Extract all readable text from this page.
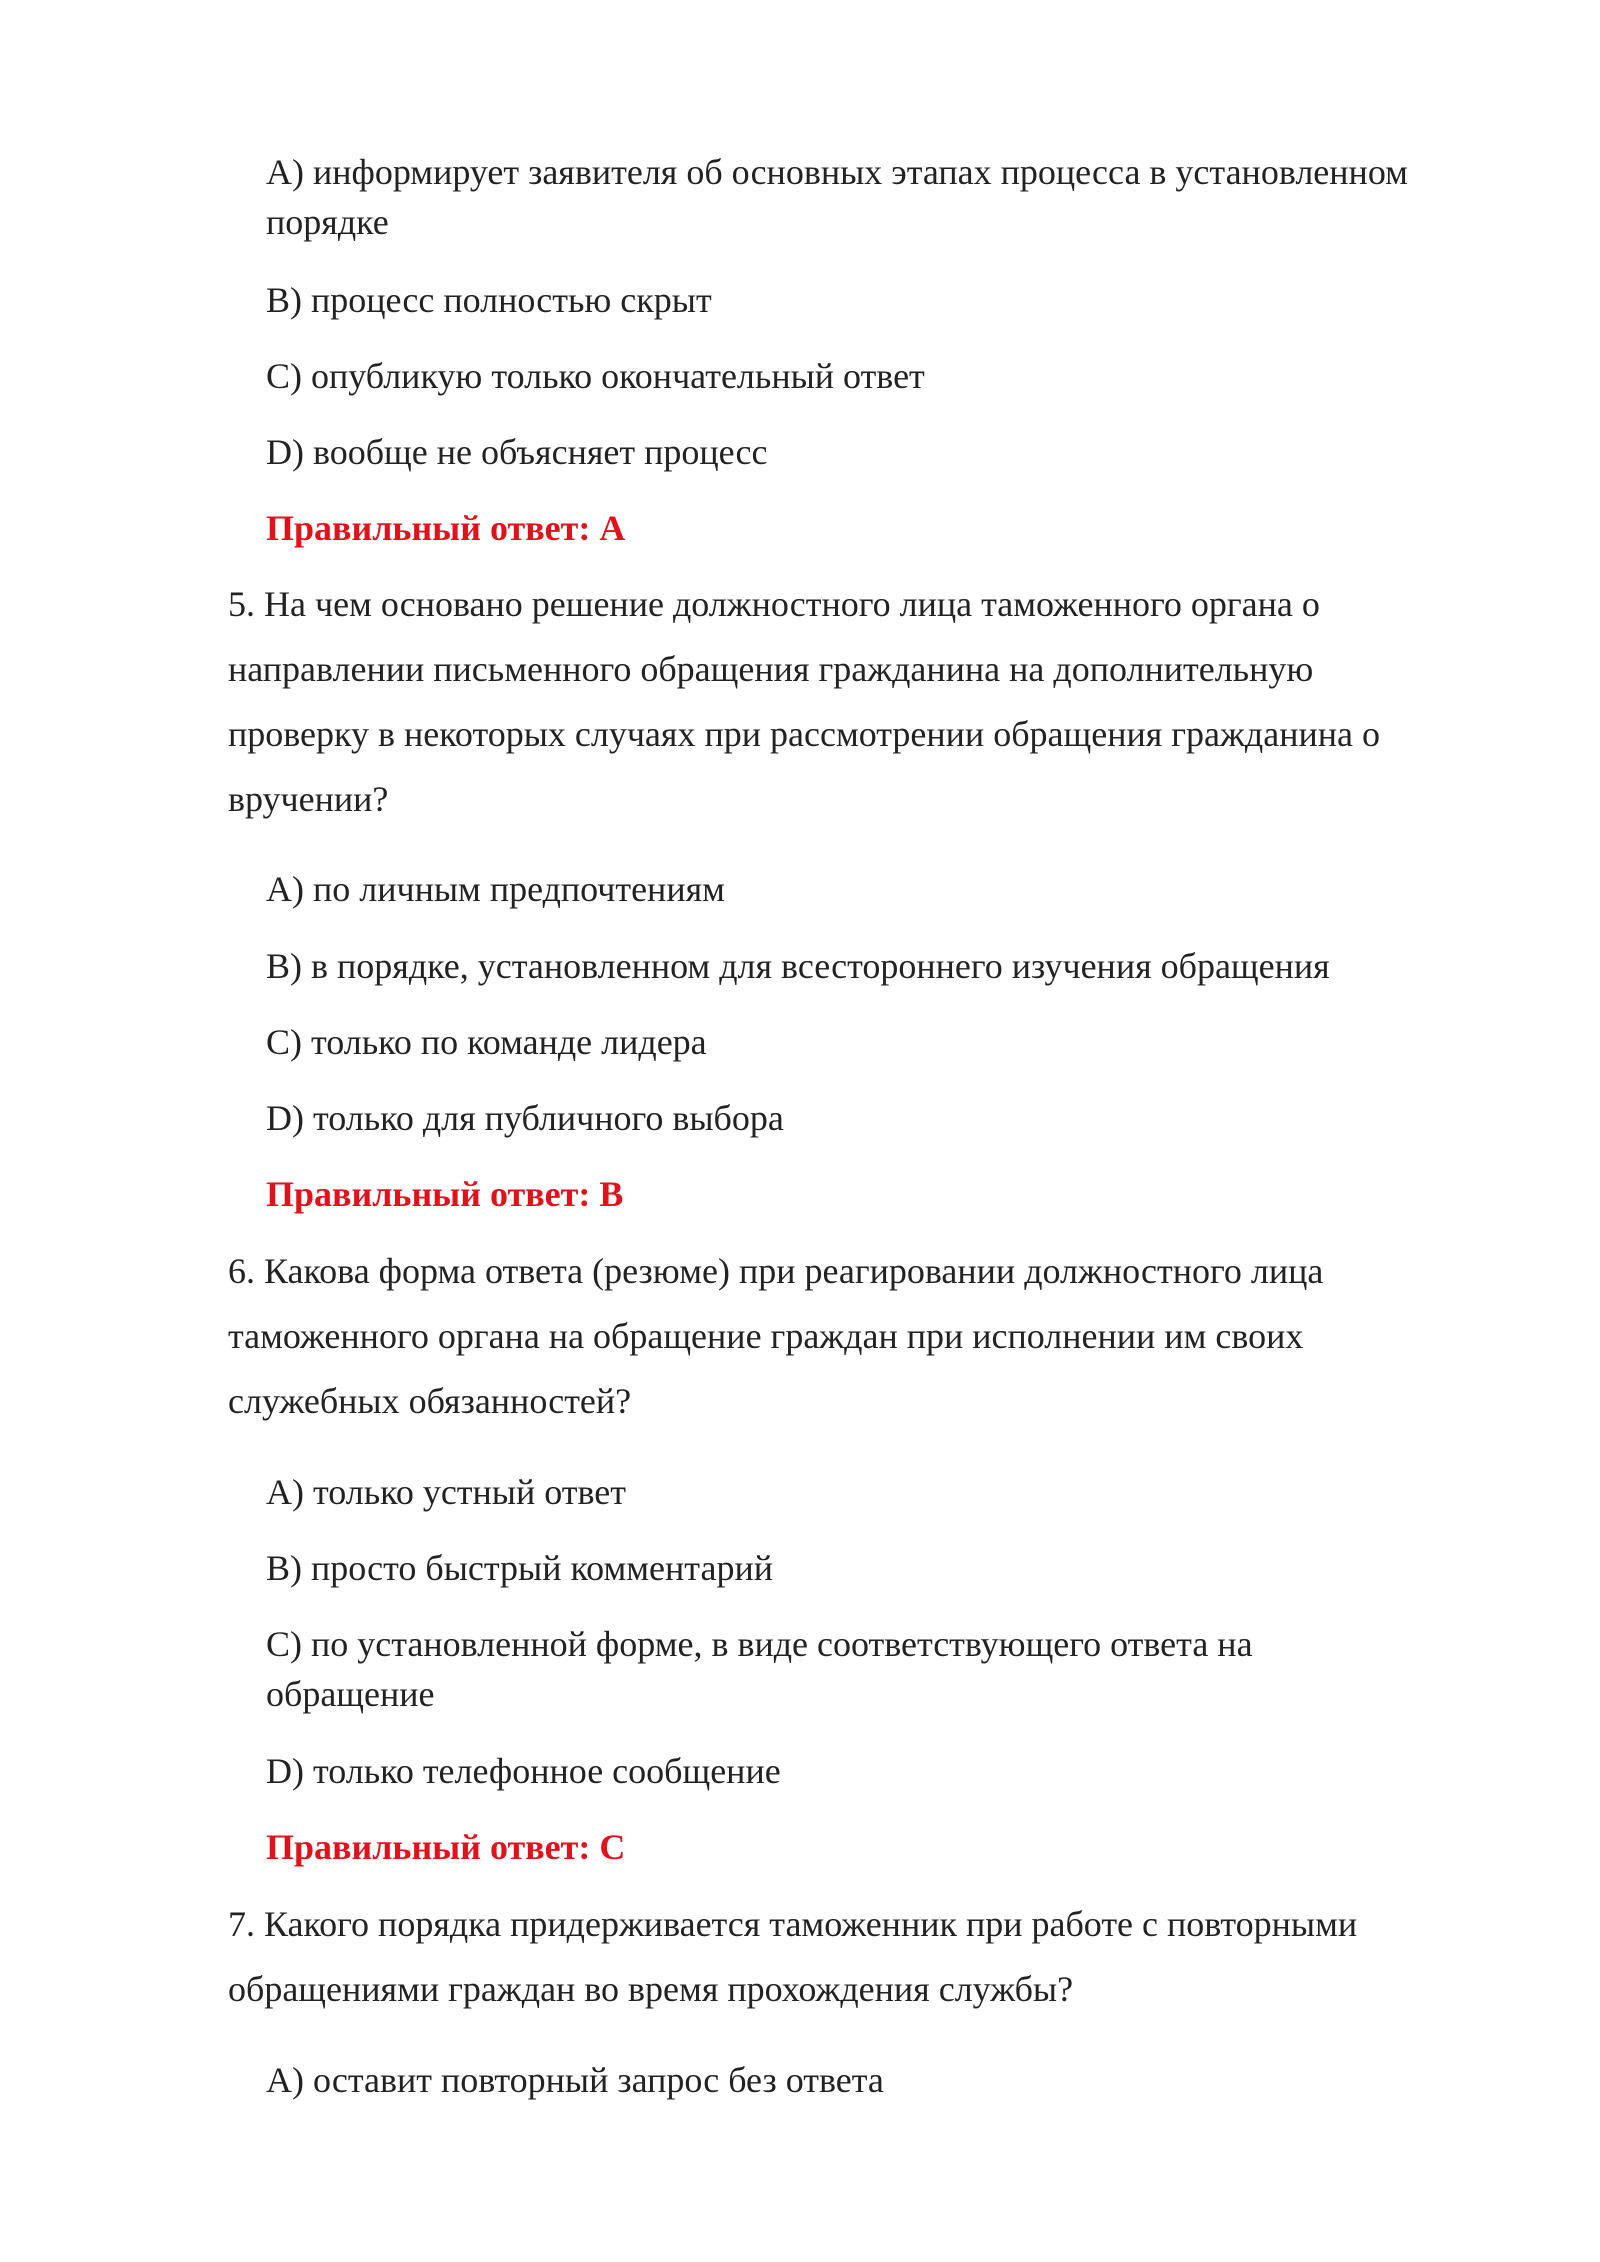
A) информирует заявителя об основных этапах процесса в установленном
порядке
B) процесс полностью скрыт
C) опубликую только окончательный ответ
D) вообще не объясняет процесс
Правильный ответ: A
5. На чем основано решение должностного лица таможенного органа о
направлении письменного обращения гражданина на дополнительную
проверку в некоторых случаях при рассмотрении обращения гражданина о
вручении?
A) по личным предпочтениям
B) в порядке, установленном для всестороннего изучения обращения
C) только по команде лидера
D) только для публичного выбора
Правильный ответ: B
6. Какова форма ответа (резюме) при реагировании должностного лица
таможенного органа на обращение граждан при исполнении им своих
служебных обязанностей?
A) только устный ответ
B) просто быстрый комментарий
C) по установленной форме, в виде соответствующего ответа на
обращение
D) только телефонное сообщение
Правильный ответ: C
7. Какого порядка придерживается таможенник при работе с повторными
обращениями граждан во время прохождения службы?
A) оставит повторный запрос без ответа
